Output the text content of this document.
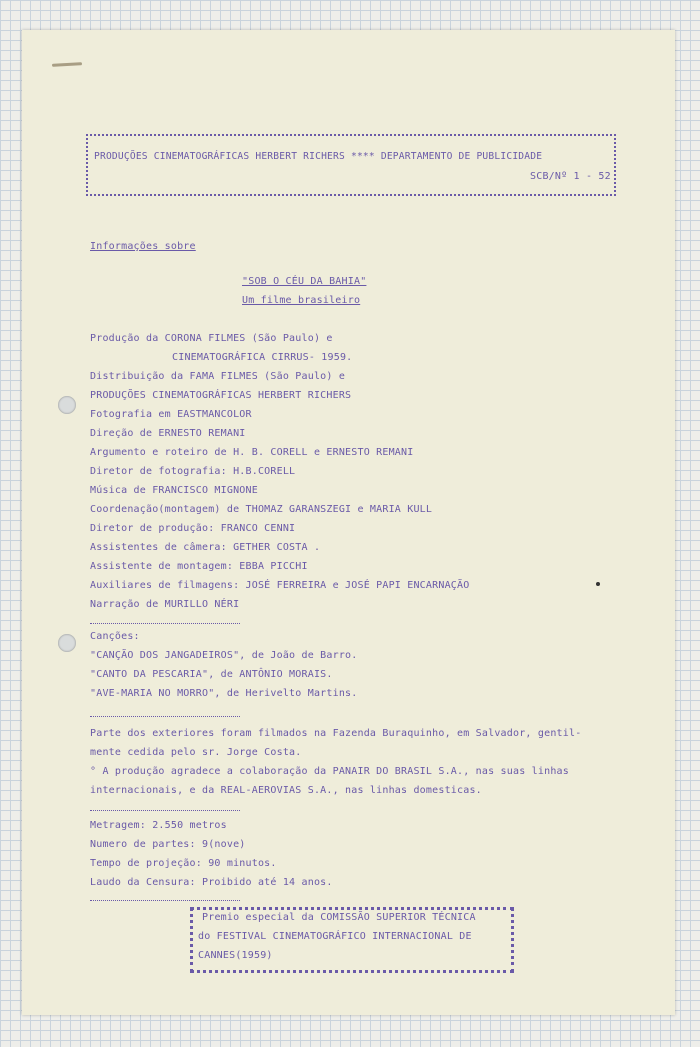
PRODUÇÕES CINEMATOGRÁFICAS HERBERT RICHERS **** DEPARTAMENTO DE PUBLICIDADE
SCB/Nº 1 - 52
Informações sobre
"SOB O CÉU DA BAHIA"
Um filme brasileiro
Produção da CORONA FILMES (São Paulo) e
CINEMATOGRÁFICA CIRRUS- 1959.
Distribuição da FAMA FILMES (São Paulo) e
PRODUÇÕES CINEMATOGRÁFICAS HERBERT RICHERS
Fotografia em EASTMANCOLOR
Direção de ERNESTO REMANI
Argumento e roteiro de H. B. CORELL e ERNESTO REMANI
Diretor de fotografia: H.B.CORELL
Música de FRANCISCO MIGNONE
Coordenação(montagem) de THOMAZ GARANSZEGI e MARIA KULL
Diretor de produção: FRANCO CENNI
Assistentes de câmera: GETHER COSTA .
Assistente de montagem: EBBA PICCHI
Auxiliares de filmagens: JOSÉ FERREIRA e JOSÉ PAPI ENCARNAÇÃO
Narração de MURILLO NÉRI
Canções:
"CANÇÃO DOS JANGADEIROS", de João de Barro.
"CANTO DA PESCARIA", de ANTÔNIO MORAIS.
"AVE-MARIA NO MORRO", de Herivelto Martins.
Parte dos exteriores foram filmados na Fazenda Buraquinho, em Salvador, gentil-
mente cedida pelo sr. Jorge Costa.
° A produção agradece a colaboração da PANAIR DO BRASIL S.A., nas suas linhas
internacionais, e da REAL-AEROVIAS S.A., nas linhas domesticas.
Metragem: 2.550 metros
Numero de partes: 9(nove)
Tempo de projeção: 90 minutos.
Laudo da Censura: Proibido até 14 anos.
Premio especial da COMISSÃO SUPERIOR TÉCNICA
do FESTIVAL CINEMATOGRÁFICO INTERNACIONAL DE
CANNES(1959)
